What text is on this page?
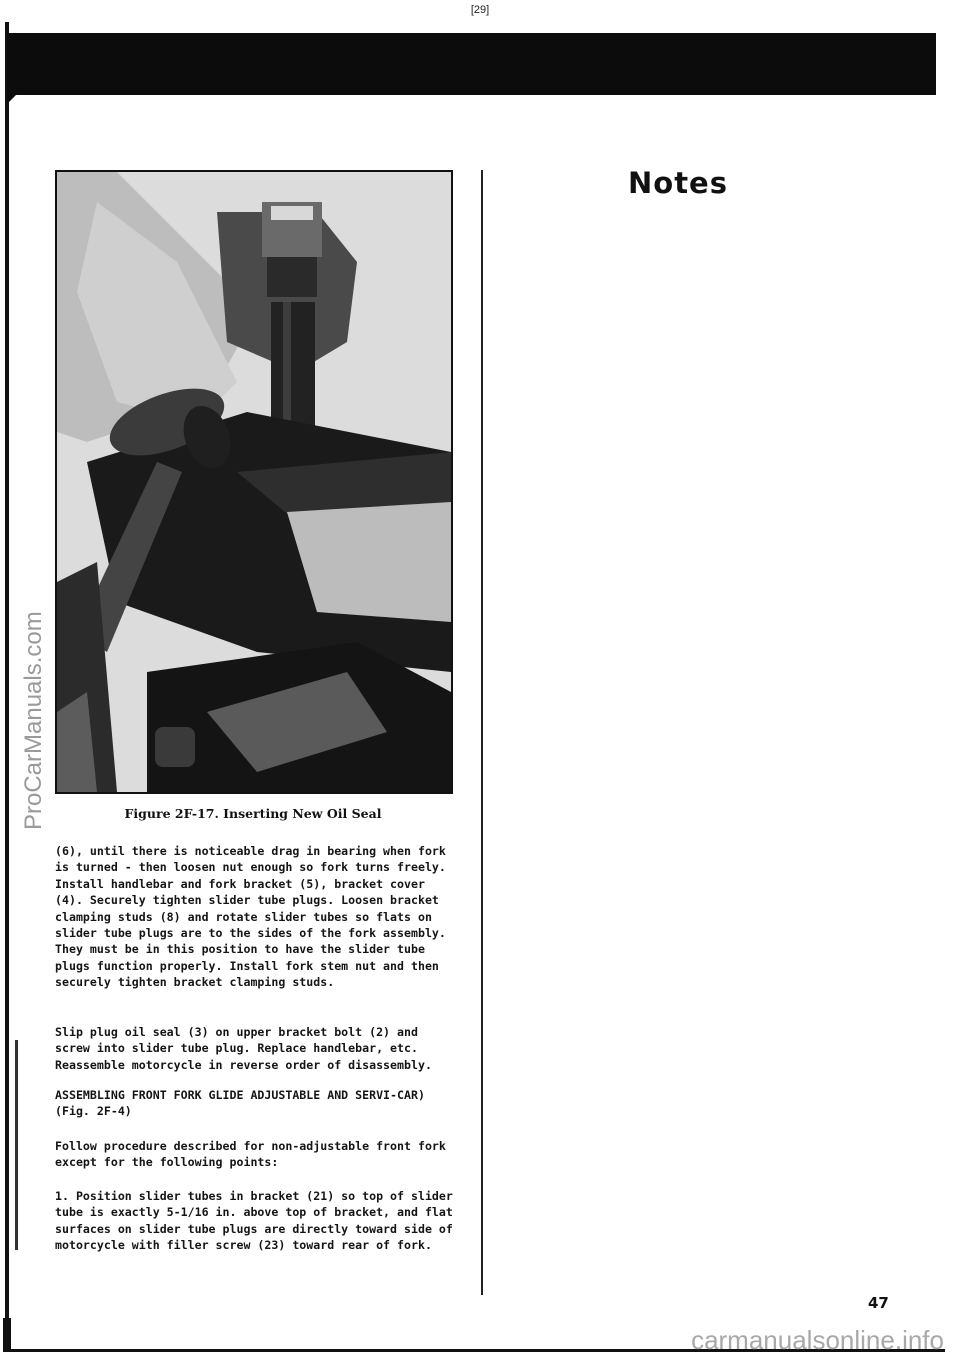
[29]
ProCarManuals.com	Figure 2F-17. Inserting New Oil Seal

(6), until there is noticeable drag in bearing when fork is turned - then loosen nut enough so fork turns freely. Install handlebar and fork bracket (5), bracket cover (4). Securely tighten slider tube plugs. Loosen bracket clamping studs (8) and rotate slider tubes so flats on slider tube plugs are to the sides of the fork assembly. They must be in this position to have the slider tube plugs function properly. Install fork stem nut and then securely tighten bracket clamping studs.

Slip plug oil seal (3) on upper bracket bolt (2) and screw into slider tube plug. Replace handlebar, etc. Reassemble motorcycle in reverse order of disassembly.

ASSEMBLING FRONT FORK GLIDE ADJUSTABLE AND SERVI-CAR) (Fig. 2F-4)

Follow procedure described for non-adjustable front fork except for the following points:

1. Position slider tubes in bracket (21) so top of slider tube is exactly 5-1/16 in. above top of bracket, and flat surfaces on slider tube plugs are directly toward side of motorcycle with filler screw (23) toward rear of fork.

Notes
47
carmanualsonline.info
